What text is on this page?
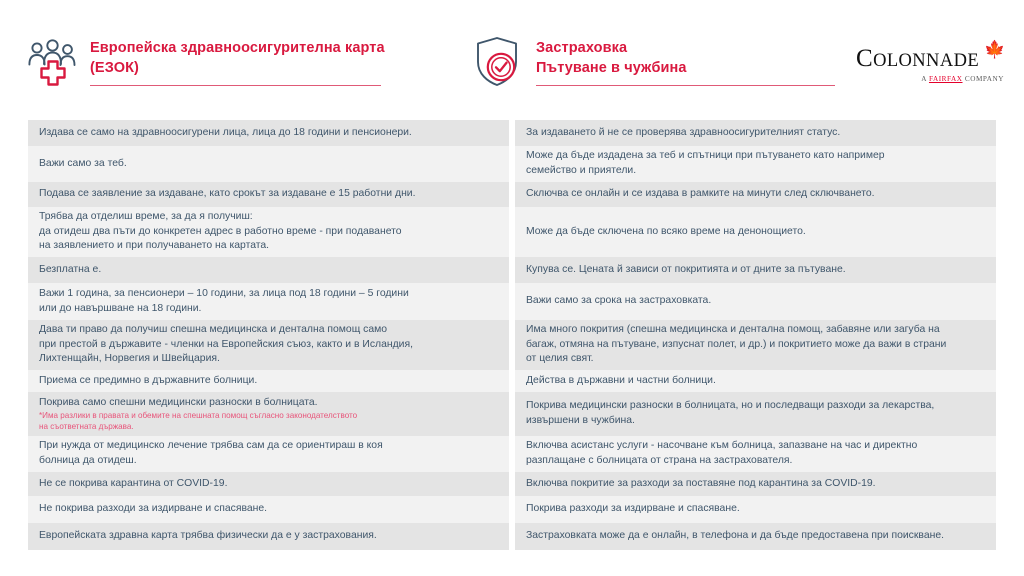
Европейска здравноосигурителна карта
(ЕЗОК)
Застраховка
Пътуване в чужбина	COLONNADE
🍁
A FAIRFAX COMPANY
Издава се само на здравноосигурени лица, лица до 18 години и пенсионери.
Важи само за теб.
Подава се заявление за издаване, като срокът за издаване е 15 работни дни.
Трябва да отделиш време, за да я получиш:
да отидеш два пъти до конкретен адрес в работно време - при подаването
на заявлението и при получаването на картата.
Безплатна е.
Важи 1 година, за пенсионери – 10 години, за лица под 18 години – 5 години
или до навършване на 18 години.
Дава ти право да получиш спешна медицинска и дентална помощ само
при престой в държавите - членки на Европейския съюз, както и в Исландия,
Лихтенщайн, Норвегия и Швейцария.
Приема се предимно в държавните болници.
Покрива само спешни медицински разноски в болницата.
*Има разлики в правата и обемите на спешната помощ съгласно законодателството
на съответната държава.
При нужда от медицинско лечение трябва сам да се ориентираш в коя
болница да отидеш.
Не се покрива карантина от COVID-19.
Не покрива разходи за издирване и спасяване.
Европейската здравна карта трябва физически да е у застрахования.
За издаването й не се проверява здравноосигурителният статус.
Може да бъде издадена за теб и спътници при пътуването като например
семейство и приятели.
Сключва се онлайн и се издава в рамките на минути след сключването.
Може да бъде сключена по всяко време на денонощието.
Купува се. Цената й зависи от покритията и от дните за пътуване.
Важи само за срока на застраховката.
Има много покрития (спешна медицинска и дентална помощ, забавяне или загуба на
багаж, отмяна на пътуване, изпуснат полет, и др.) и покритието може да важи в страни
от целия свят.
Действа в държавни и частни болници.
Покрива медицински разноски в болницата, но и последващи разходи за лекарства,
извършени в чужбина.
Включва асистанс услуги - насочване към болница, запазване на час и директно
разплащане с болницата от страна на застрахователя.
Включва покритие за разходи за поставяне под карантина за COVID-19.
Покрива разходи за издирване и спасяване.
Застраховката може да е онлайн, в телефона и да бъде предоставена при поискване.
